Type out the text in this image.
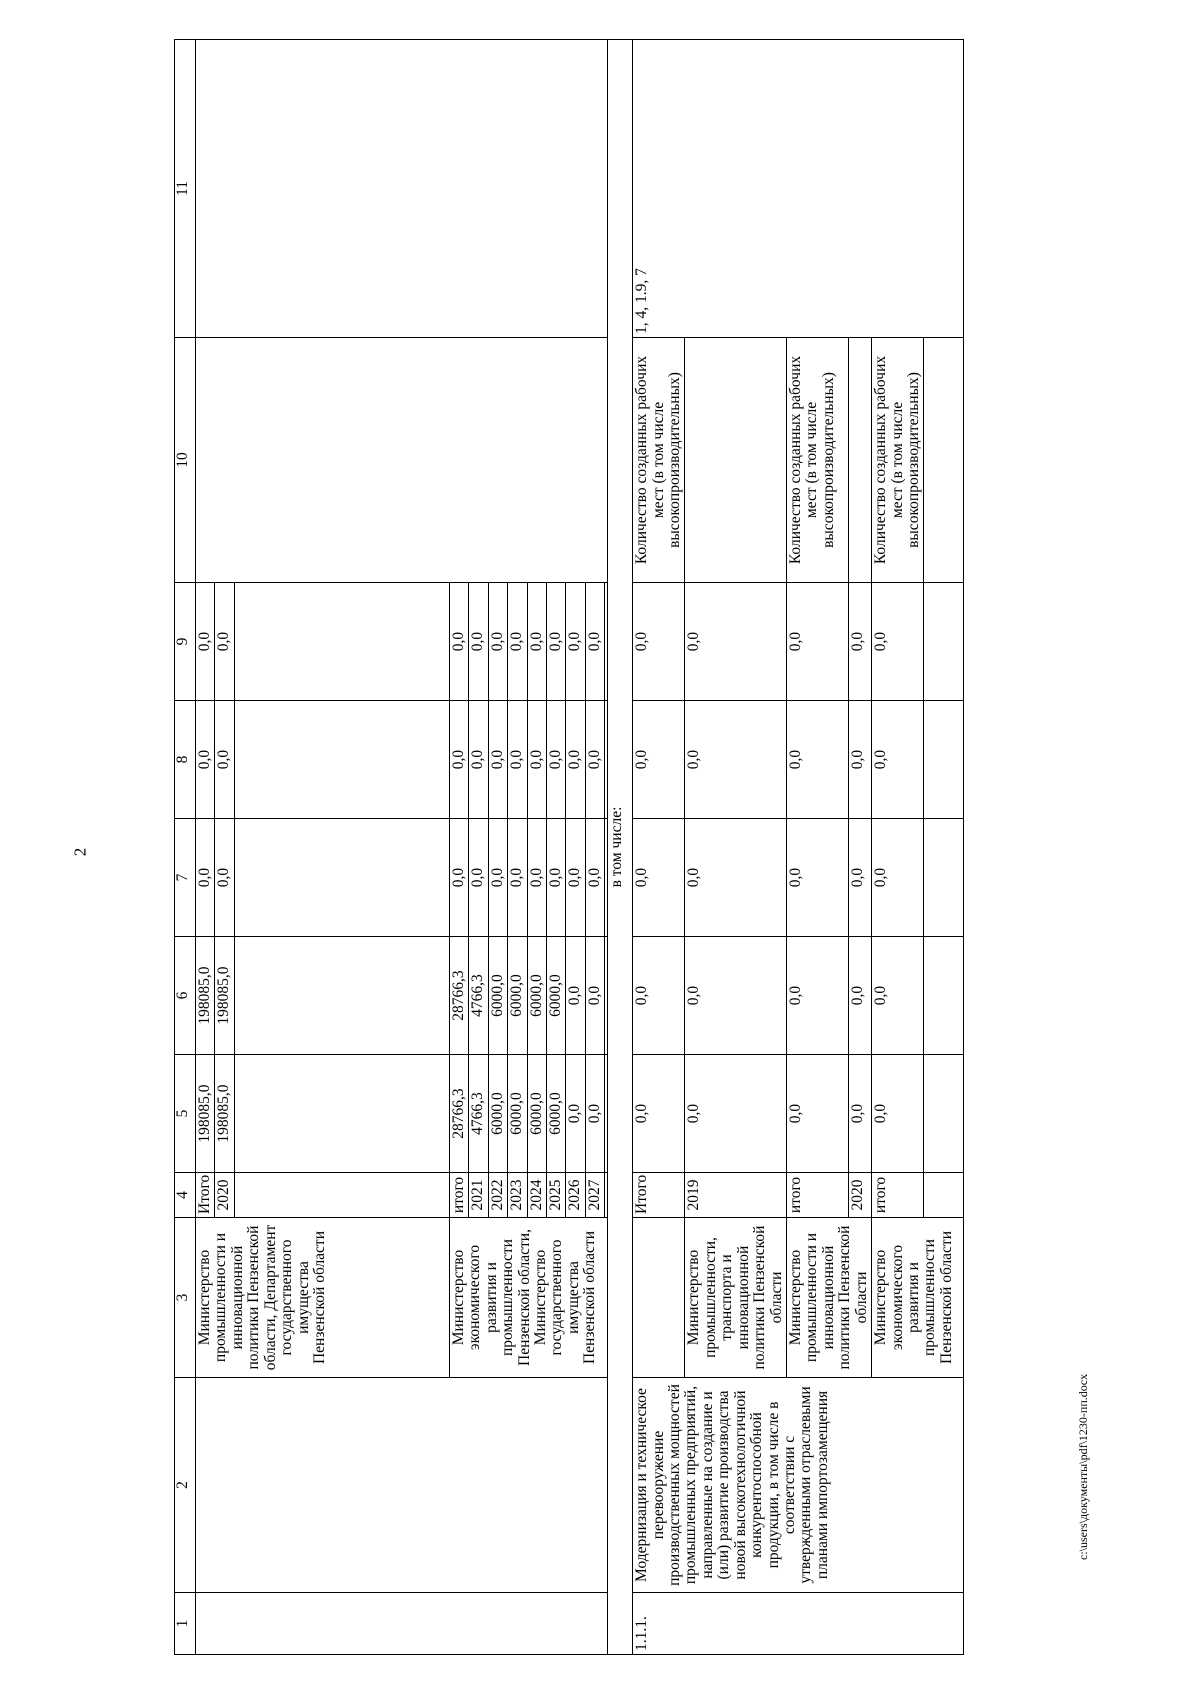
2
1	2	3	4	5	6	7	8	9	10	11
		Министерство промышленности и инновационной политики Пензенской области, Департамент государственного имущества Пензенской области	Итого	198085,0	198085,0	0,0	0,0	0,0		
			2020	198085,0	198085,0	0,0	0,0	0,0		

		Министерство экономического развития и промышленности Пензенской области, Министерство государственного имущества Пензенской области	итого	28766,3	28766,3	0,0	0,0	0,0		
			2021	4766,3	4766,3	0,0	0,0	0,0		
			2022	6000,0	6000,0	0,0	0,0	0,0		
			2023	6000,0	6000,0	0,0	0,0	0,0		
			2024	6000,0	6000,0	0,0	0,0	0,0		
			2025	6000,0	6000,0	0,0	0,0	0,0		
			2026	0,0	0,0	0,0	0,0	0,0		
			2027	0,0	0,0	0,0	0,0	0,0		

в том числе:										
1.1.1.	Модернизация и техническое перевооружение производственных мощностей промышленных предприятий, направленные на создание и (или) развитие производства новой высокотехнологичной конкурентоспособной продукции, в том числе в соответствии с утвержденными отраслевыми планами импортозамещения		Итого	0,0	0,0	0,0	0,0	0,0	Количество созданных рабочих мест (в том числе высокопроизводительных)	1, 4, 1.9, 7
		Министерство промышленности, транспорта и инновационной политики Пензенской области	2019	0,0	0,0	0,0	0,0	0,0		
		Министерство промышленности и инновационной политики Пензенской области	итого	0,0	0,0	0,0	0,0	0,0	Количество созданных рабочих мест (в том числе высокопроизводительных)	
			2020	0,0	0,0	0,0	0,0	0,0		
		Министерство экономического развития и промышленности Пензенской области	итого	0,0	0,0	0,0	0,0	0,0	Количество созданных рабочих мест (в том числе высокопроизводительных)	

c:\users\документы\pdf\1230-пп.docx
